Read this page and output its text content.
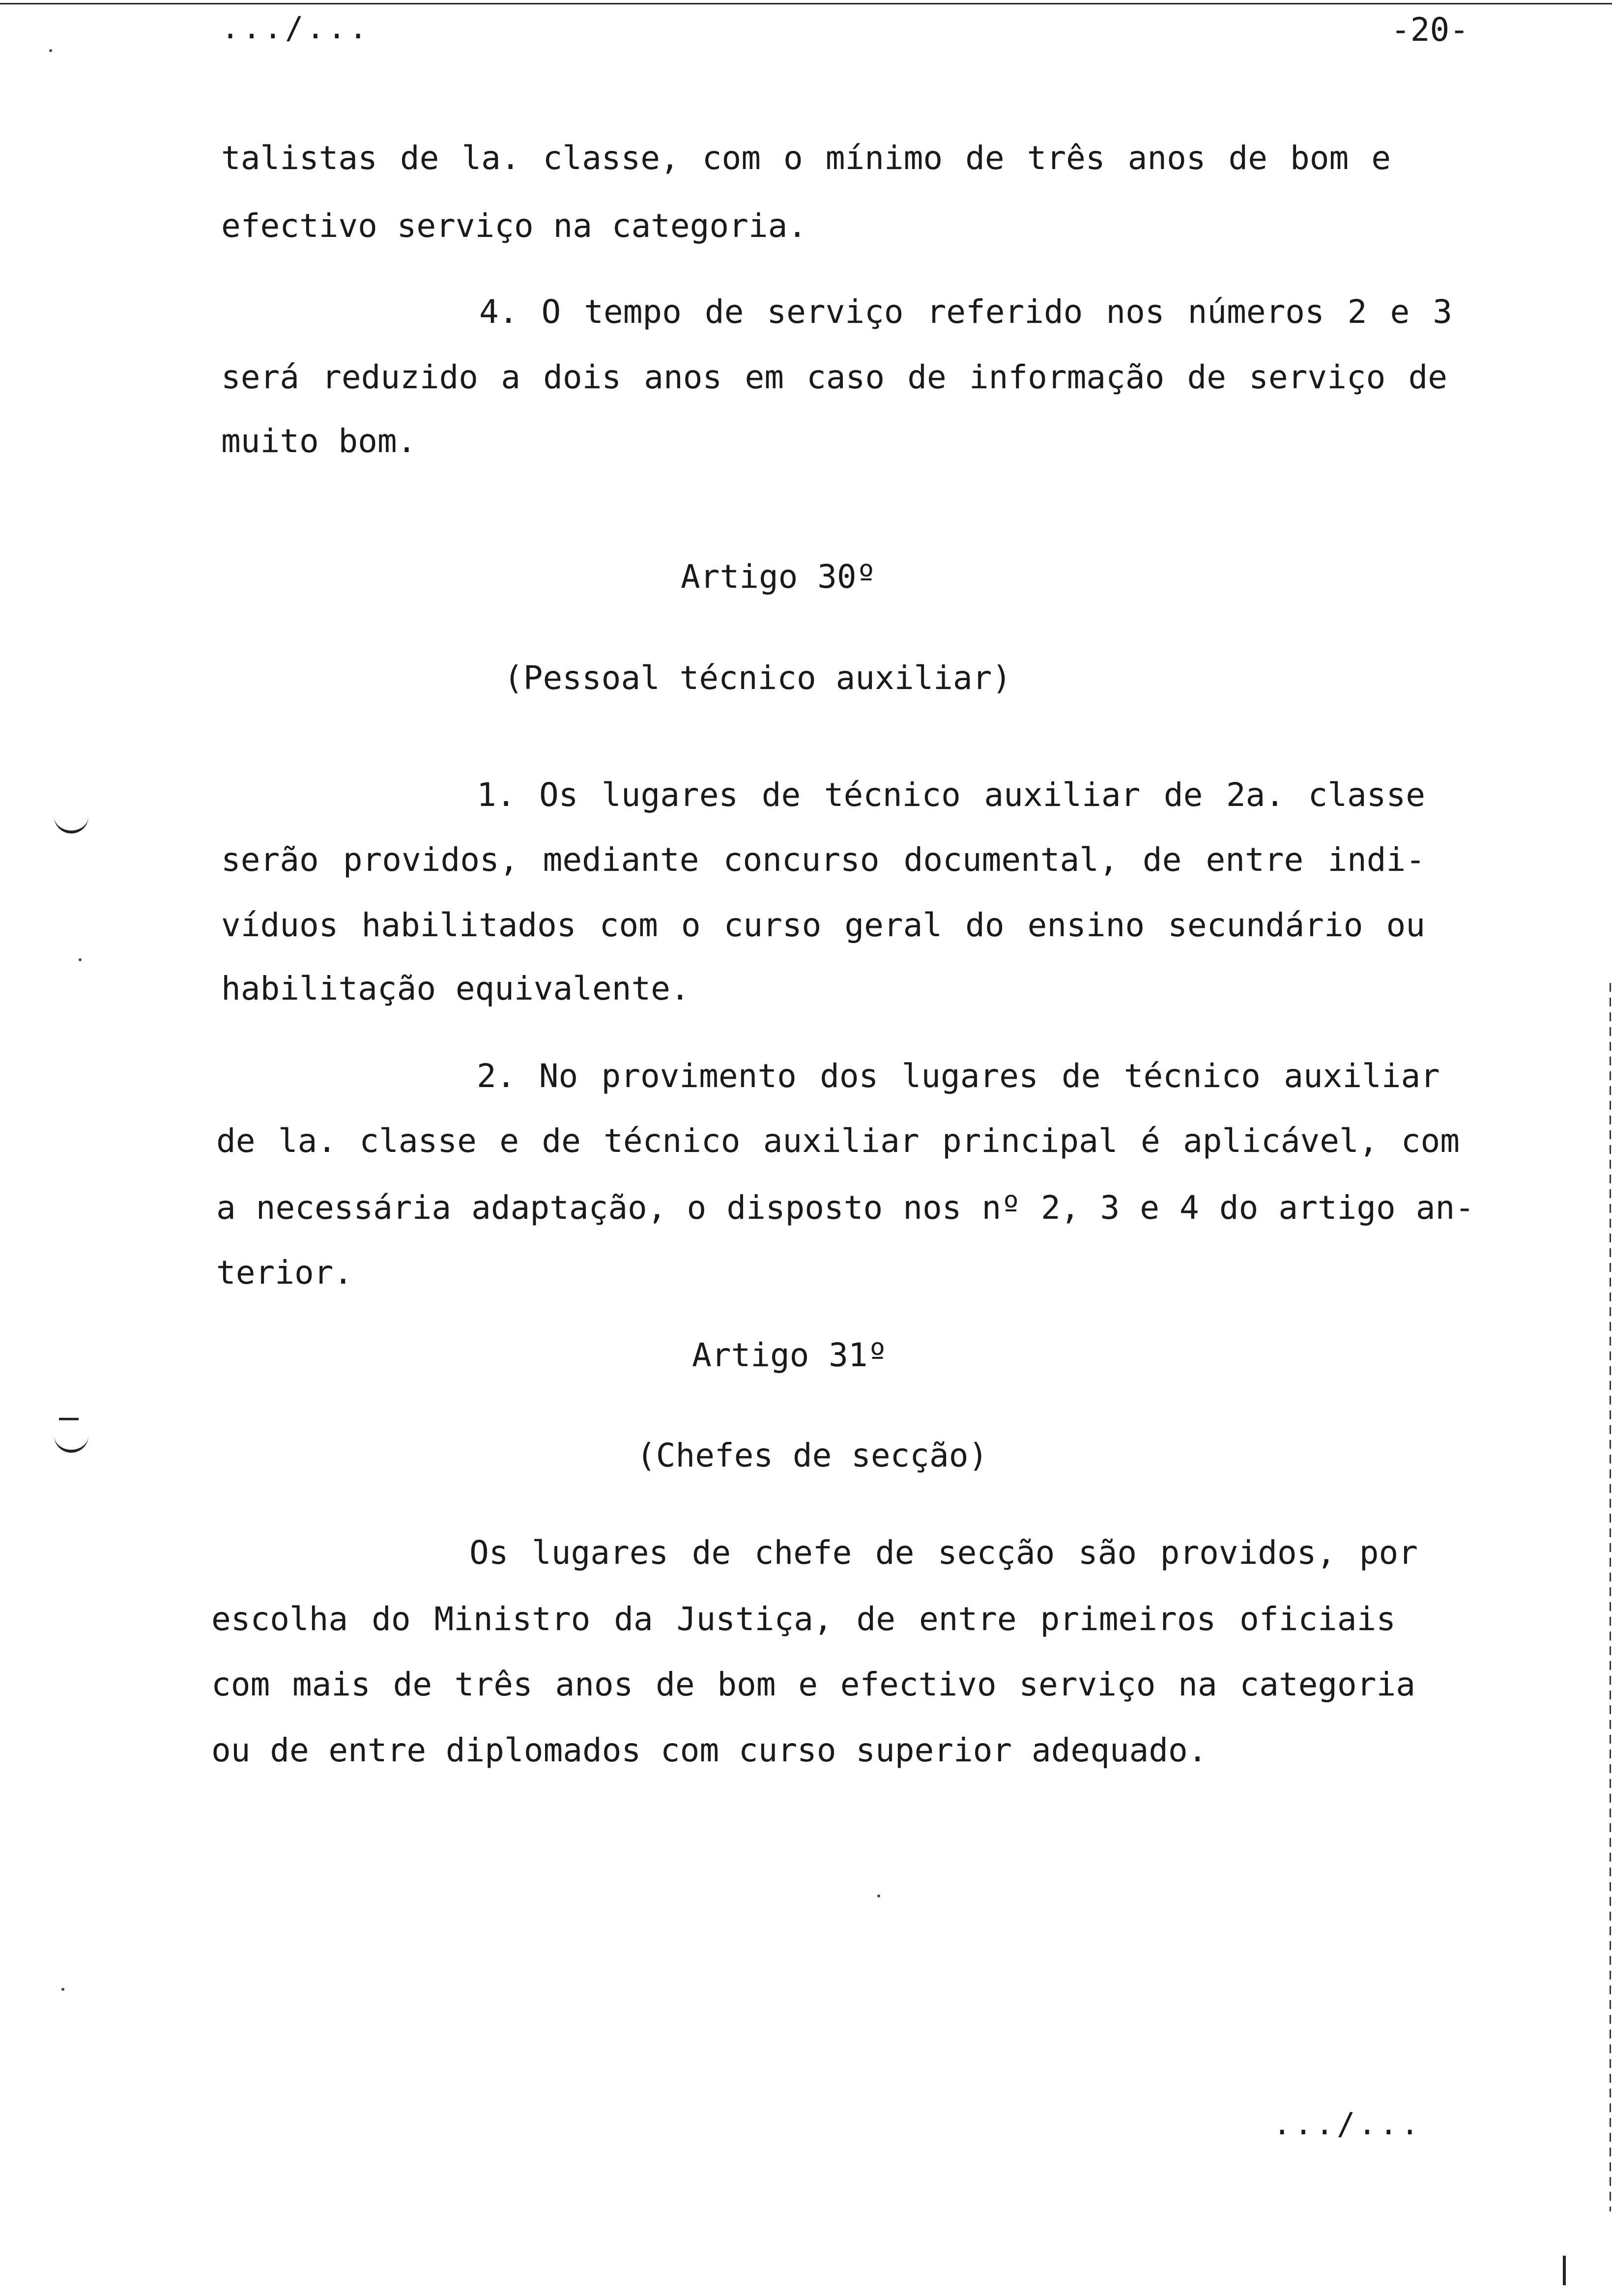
.../...	-20-
talistas de la. classe, com o mínimo de três anos de bom e
efectivo serviço na categoria.
4. O tempo de serviço referido nos números 2 e 3
será reduzido a dois anos em caso de informação de serviço de
muito bom.
Artigo 30º
(Pessoal técnico auxiliar)
1. Os lugares de técnico auxiliar de 2a. classe
serão providos, mediante concurso documental, de entre indi-
víduos habilitados com o curso geral do ensino secundário ou
habilitação equivalente.
2. No provimento dos lugares de técnico auxiliar
de la. classe e de técnico auxiliar principal é aplicável, com
a necessária adaptação, o disposto nos nº 2, 3 e 4 do artigo an-
terior.
Artigo 31º
(Chefes de secção)
Os lugares de chefe de secção são providos, por
escolha do Ministro da Justiça, de entre primeiros oficiais
com mais de três anos de bom e efectivo serviço na categoria
ou de entre diplomados com curso superior adequado.
.../...
